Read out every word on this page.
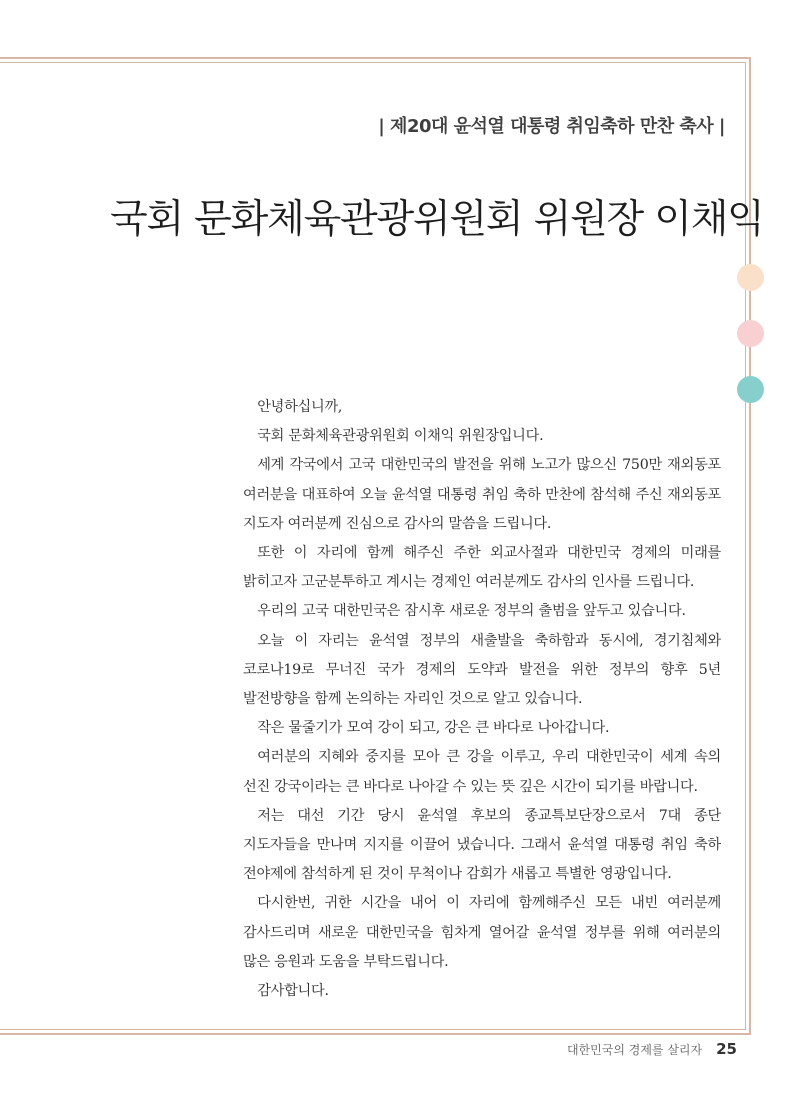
| 제20대 윤석열 대통령 취임축하 만찬 축사 |
국회 문화체육관광위원회 위원장 이채익

안녕하십니까,

국회 문화체육관광위원회 이채익 위원장입니다.

세계 각국에서 고국 대한민국의 발전을 위해 노고가 많으신 750만 재외동포 여러분을 대표하여 오늘 윤석열 대통령 취임 축하 만찬에 참석해 주신 재외동포 지도자 여러분께 진심으로 감사의 말씀을 드립니다.

또한 이 자리에 함께 해주신 주한 외교사절과 대한민국 경제의 미래를 밝히고자 고군분투하고 계시는 경제인 여러분께도 감사의 인사를 드립니다.

우리의 고국 대한민국은 잠시후 새로운 정부의 출범을 앞두고 있습니다.

오늘 이 자리는 윤석열 정부의 새출발을 축하함과 동시에, 경기침체와 코로나19로 무너진 국가 경제의 도약과 발전을 위한 정부의 향후 5년 발전방향을 함께 논의하는 자리인 것으로 알고 있습니다.

작은 물줄기가 모여 강이 되고, 강은 큰 바다로 나아갑니다.

여러분의 지혜와 중지를 모아 큰 강을 이루고, 우리 대한민국이 세계 속의 선진 강국이라는 큰 바다로 나아갈 수 있는 뜻 깊은 시간이 되기를 바랍니다.

저는 대선 기간 당시 윤석열 후보의 종교특보단장으로서 7대 종단 지도자들을 만나며 지지를 이끌어 냈습니다. 그래서 윤석열 대통령 취임 축하 전야제에 참석하게 된 것이 무척이나 감회가 새롭고 특별한 영광입니다.

다시한번, 귀한 시간을 내어 이 자리에 함께해주신 모든 내빈 여러분께 감사드리며 새로운 대한민국을 힘차게 열어갈 윤석열 정부를 위해 여러분의 많은 응원과 도움을 부탁드립니다.

감사합니다.

대한민국의 경제를 살리자 25
